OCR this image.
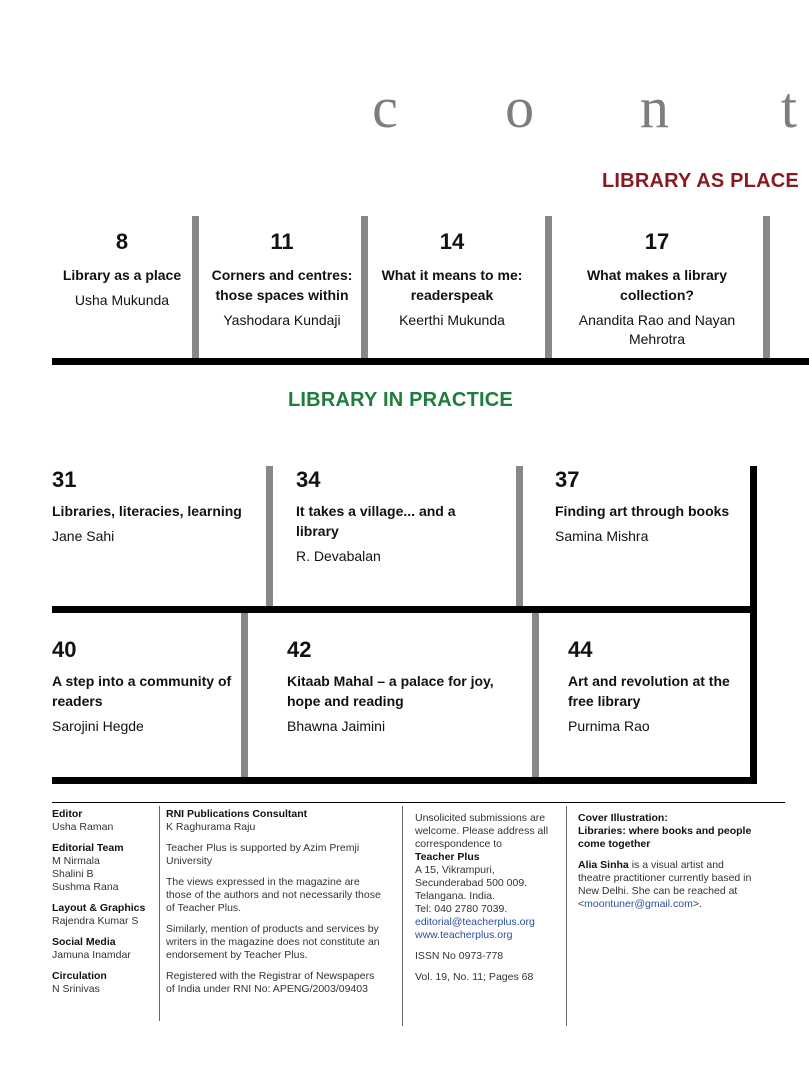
c o n t
LIBRARY AS PLACE
8
Library as a place
Usha Mukunda
11
Corners and centres: those spaces within
Yashodara Kundaji
14
What it means to me: readerspeak
Keerthi Mukunda
17
What makes a library collection?
Anandita Rao and Nayan Mehrotra
LIBRARY IN PRACTICE
31
Libraries, literacies, learning
Jane Sahi
34
It takes a village... and a library
R. Devabalan
37
Finding art through books
Samina Mishra
40
A step into a community of readers
Sarojini Hegde
42
Kitaab Mahal – a palace for joy, hope and reading
Bhawna Jaimini
44
Art and revolution at the free library
Purnima Rao
Editor
Usha Raman
Editorial Team
M Nirmala
Shalini B
Sushma Rana
Layout & Graphics
Rajendra Kumar S
Social Media
Jamuna Inamdar
Circulation
N Srinivas
RNI Publications Consultant
K Raghurama Raju
Teacher Plus is supported by Azim Premji University
The views expressed in the magazine are those of the authors and not necessarily those of Teacher Plus.
Similarly, mention of products and services by writers in the magazine does not constitute an endorsement by Teacher Plus.
Registered with the Registrar of Newspapers of India under RNI No: APENG/2003/09403
Unsolicited submissions are welcome. Please address all correspondence to
Teacher Plus
A 15, Vikrampuri,
Secunderabad 500 009.
Telangana. India.
Tel: 040 2780 7039.
editorial@teacherplus.org
www.teacherplus.org
ISSN No 0973-778
Vol. 19, No. 11; Pages 68
Cover Illustration:
Libraries: where books and people come together
Alia Sinha is a visual artist and theatre practitioner currently based in New Delhi. She can be reached at <moontuner@gmail.com>.
